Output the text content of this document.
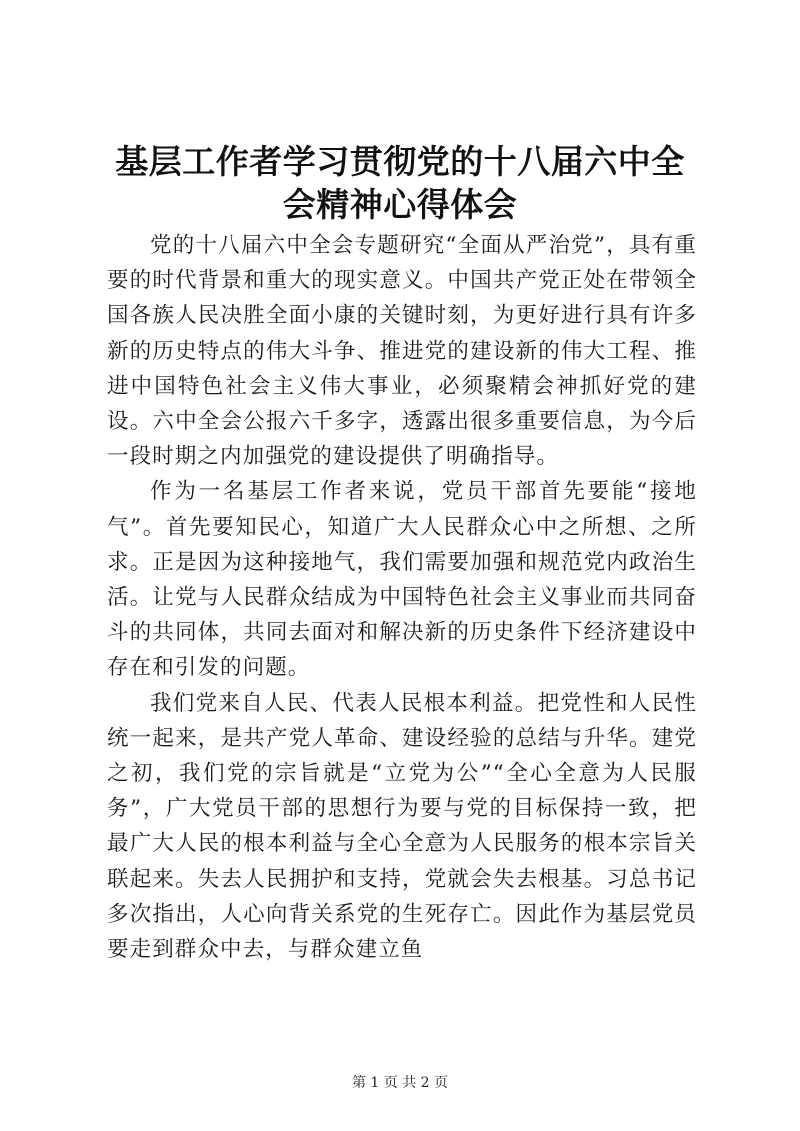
基层工作者学习贯彻党的十八届六中全会精神心得体会

党的十八届六中全会专题研究“全面从严治党”，具有重要的时代背景和重大的现实意义。中国共产党正处在带领全国各族人民决胜全面小康的关键时刻，为更好进行具有许多新的历史特点的伟大斗争、推进党的建设新的伟大工程、推进中国特色社会主义伟大事业，必须聚精会神抓好党的建设。六中全会公报六千多字，透露出很多重要信息，为今后一段时期之内加强党的建设提供了明确指导。

作为一名基层工作者来说，党员干部首先要能“接地气”。首先要知民心，知道广大人民群众心中之所想、之所求。正是因为这种接地气，我们需要加强和规范党内政治生活。让党与人民群众结成为中国特色社会主义事业而共同奋斗的共同体，共同去面对和解决新的历史条件下经济建设中存在和引发的问题。

我们党来自人民、代表人民根本利益。把党性和人民性统一起来，是共产党人革命、建设经验的总结与升华。建党之初，我们党的宗旨就是“立党为公”“全心全意为人民服务”，广大党员干部的思想行为要与党的目标保持一致，把最广大人民的根本利益与全心全意为人民服务的根本宗旨关联起来。失去人民拥护和支持，党就会失去根基。习总书记多次指出，人心向背关系党的生死存亡。因此作为基层党员要走到群众中去，与群众建立鱼

第 1 页 共 2 页
